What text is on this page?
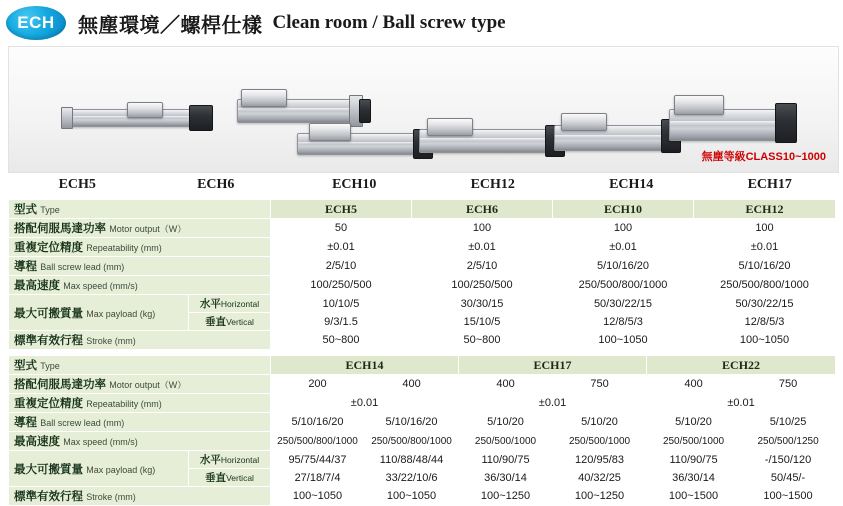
ECH	無塵環境／螺桿仕樣 Clean room / Ball screw type
無塵等級CLASS10~1000
ECH5	ECH6	ECH10	ECH12	ECH14	ECH17
型式 Type		ECH5	ECH6	ECH10	ECH12
搭配伺服馬達功率 Motor output（W）		50	100	100	100
重複定位精度 Repeatability (mm)		±0.01	±0.01	±0.01	±0.01
導程 Ball screw lead (mm)		2/5/10	2/5/10	5/10/16/20	5/10/16/20
最高速度 Max speed (mm/s)		100/250/500	100/250/500	250/500/800/1000	250/500/800/1000
最大可搬質量 Max payload (kg)	水平Horizontal	10/10/5	30/30/15	50/30/22/15	50/30/22/15
	垂直Vertical	9/3/1.5	15/10/5	12/8/5/3	12/8/5/3
標準有效行程 Stroke (mm)		50~800	50~800	100~1050	100~1050
型式 Type		ECH14		ECH17		ECH22	
搭配伺服馬達功率 Motor output（W）		200	400	400	750	400	750
重複定位精度 Repeatability (mm)		±0.01		±0.01		±0.01	
導程 Ball screw lead (mm)		5/10/16/20	5/10/16/20	5/10/20	5/10/20	5/10/20	5/10/25
最高速度 Max speed (mm/s)		250/500/800/1000	250/500/800/1000	250/500/1000	250/500/1000	250/500/1000	250/500/1250
最大可搬質量 Max payload (kg)	水平Horizontal	95/75/44/37	110/88/48/44	110/90/75	120/95/83	110/90/75	-/150/120
	垂直Vertical	27/18/7/4	33/22/10/6	36/30/14	40/32/25	36/30/14	50/45/-
標準有效行程 Stroke (mm)		100~1050	100~1050	100~1250	100~1250	100~1500	100~1500
